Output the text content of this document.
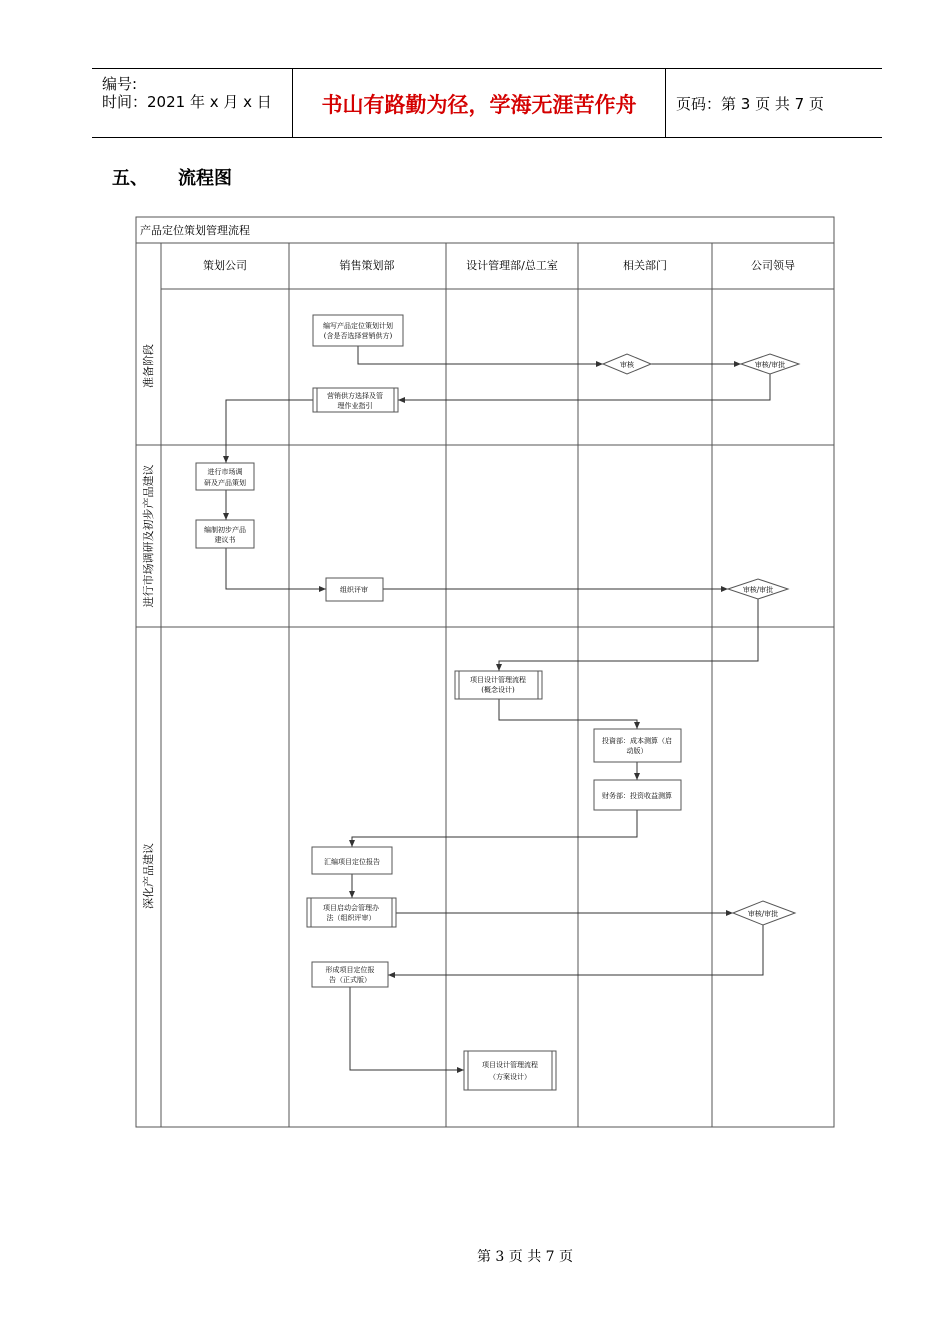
编号:
时间：2021 年 x 月 x 日	书山有路勤为径，学海无涯苦作舟	页码：第 3 页 共 7 页
五、 流程图
产品定位策划管理流程
策划公司	销售策划部	设计管理部/总工室	相关部门	公司领导
准备阶段
进行市场调研及初步产品建议
深化产品建议
编写产品定位策划计划
(含是否选择营销供方)
审核	审核/审批
营销供方选择及管
理作业指引
进行市场调
研及产品策划
编制初步产品
建议书
组织评审	审核/审批
项目设计管理流程
(概念设计)
投資部：成本测算（启
动版）
财务部：投资收益测算
汇编项目定位报告
项目启动会管理办
法（组织评审）	审核/审批
形成项目定位报
告（正式版）
项目设计管理流程
（方案设计）
第 3 页 共 7 页
